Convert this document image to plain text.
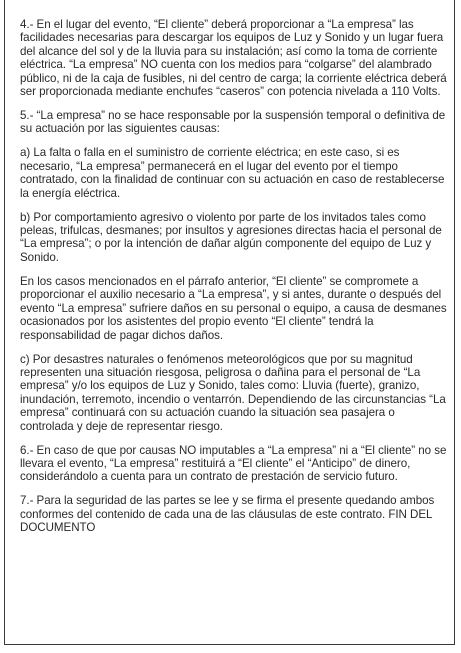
4.- En el lugar del evento, “El cliente” deberá proporcionar a “La empresa” las facilidades necesarias para descargar los equipos de Luz y Sonido y un lugar fuera del alcance del sol y de la lluvia para su instalación; así como la toma de corriente eléctrica. “La empresa” NO cuenta con los medios para “colgarse” del alambrado público, ni de la caja de fusibles, ni del centro de carga; la corriente eléctrica deberá ser proporcionada mediante enchufes “caseros” con potencia nivelada a 110 Volts.

5.- “La empresa” no se hace responsable por la suspensión temporal o definitiva de su actuación por las siguientes causas:

a) La falta o falla en el suministro de corriente eléctrica; en este caso, si es necesario, “La empresa” permanecerá en el lugar del evento por el tiempo contratado, con la finalidad de continuar con su actuación en caso de restablecerse la energía eléctrica.

b) Por comportamiento agresivo o violento por parte de los invitados tales como peleas, trifulcas, desmanes; por insultos y agresiones directas hacia el personal de “La empresa”; o por la intención de dañar algún componente del equipo de Luz y Sonido.

En los casos mencionados en el párrafo anterior, “El cliente” se compromete a proporcionar el auxilio necesario a “La empresa”, y si antes, durante o después del evento “La empresa” sufriere daños en su personal o equipo, a causa de desmanes ocasionados por los asistentes del propio evento “El cliente” tendrá la responsabilidad de pagar dichos daños.

c) Por desastres naturales o fenómenos meteorológicos que por su magnitud representen una situación riesgosa, peligrosa o dañina para el personal de “La empresa” y/o los equipos de Luz y Sonido, tales como: Lluvia (fuerte), granizo, inundación, terremoto, incendio o ventarrón. Dependiendo de las circunstancias “La empresa” continuará con su actuación cuando la situación sea pasajera o controlada y deje de representar riesgo.

6.- En caso de que por causas NO imputables a “La empresa” ni a “El cliente” no se llevara el evento, “La empresa” restituirá a “El cliente” el “Anticipo” de dinero, considerándolo a cuenta para un contrato de prestación de servicio futuro.

7.- Para la seguridad de las partes se lee y se firma el presente quedando ambos conformes del contenido de cada una de las cláusulas de este contrato. FIN DEL DOCUMENTO
